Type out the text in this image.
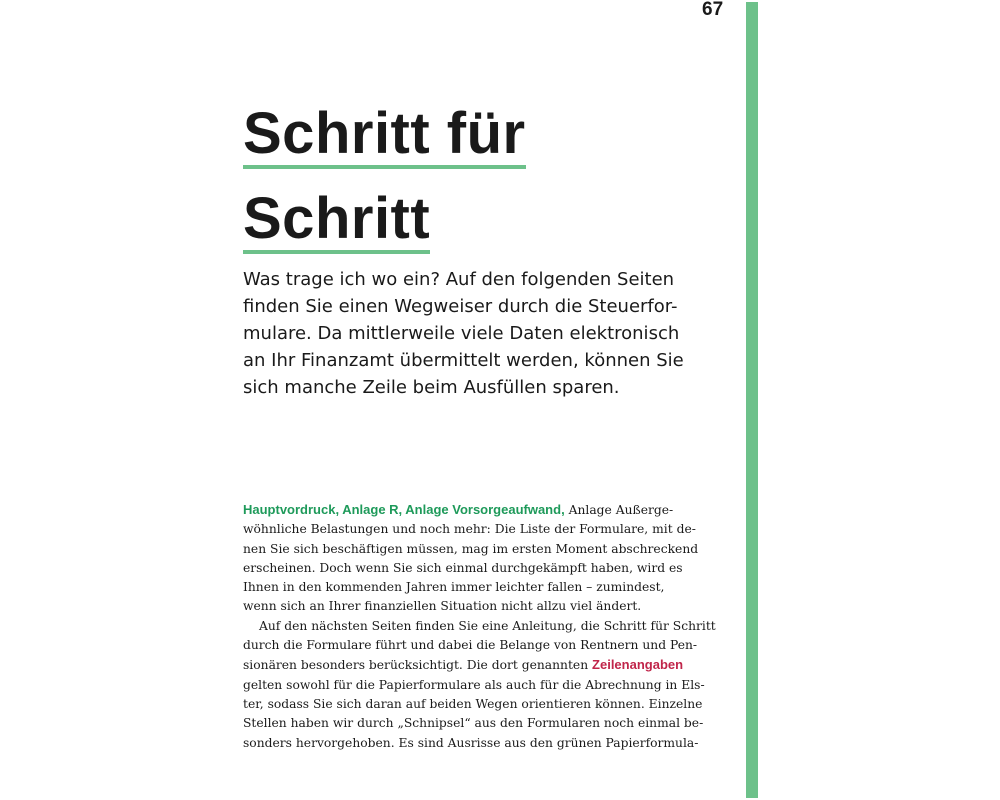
67
Schritt für
Schritt
Was trage ich wo ein? Auf den folgenden Seiten
finden Sie einen Wegweiser durch die Steuerfor-
mulare. Da mittlerweile viele Daten elektronisch
an Ihr Finanzamt übermittelt werden, können Sie
sich manche Zeile beim Ausfüllen sparen.
Hauptvordruck, Anlage R, Anlage Vorsorgeaufwand, Anlage Außerge-
wöhnliche Belastungen und noch mehr: Die Liste der Formulare, mit de-
nen Sie sich beschäftigen müssen, mag im ersten Moment abschreckend
erscheinen. Doch wenn Sie sich einmal durchgekämpft haben, wird es
Ihnen in den kommenden Jahren immer leichter fallen – zumindest,
wenn sich an Ihrer finanziellen Situation nicht allzu viel ändert.
Auf den nächsten Seiten finden Sie eine Anleitung, die Schritt für Schritt
durch die Formulare führt und dabei die Belange von Rentnern und Pen-
sionären besonders berücksichtigt. Die dort genannten Zeilenangaben
gelten sowohl für die Papierformulare als auch für die Abrechnung in Els-
ter, sodass Sie sich daran auf beiden Wegen orientieren können. Einzelne
Stellen haben wir durch „Schnipsel“ aus den Formularen noch einmal be-
sonders hervorgehoben. Es sind Ausrisse aus den grünen Papierformula-
